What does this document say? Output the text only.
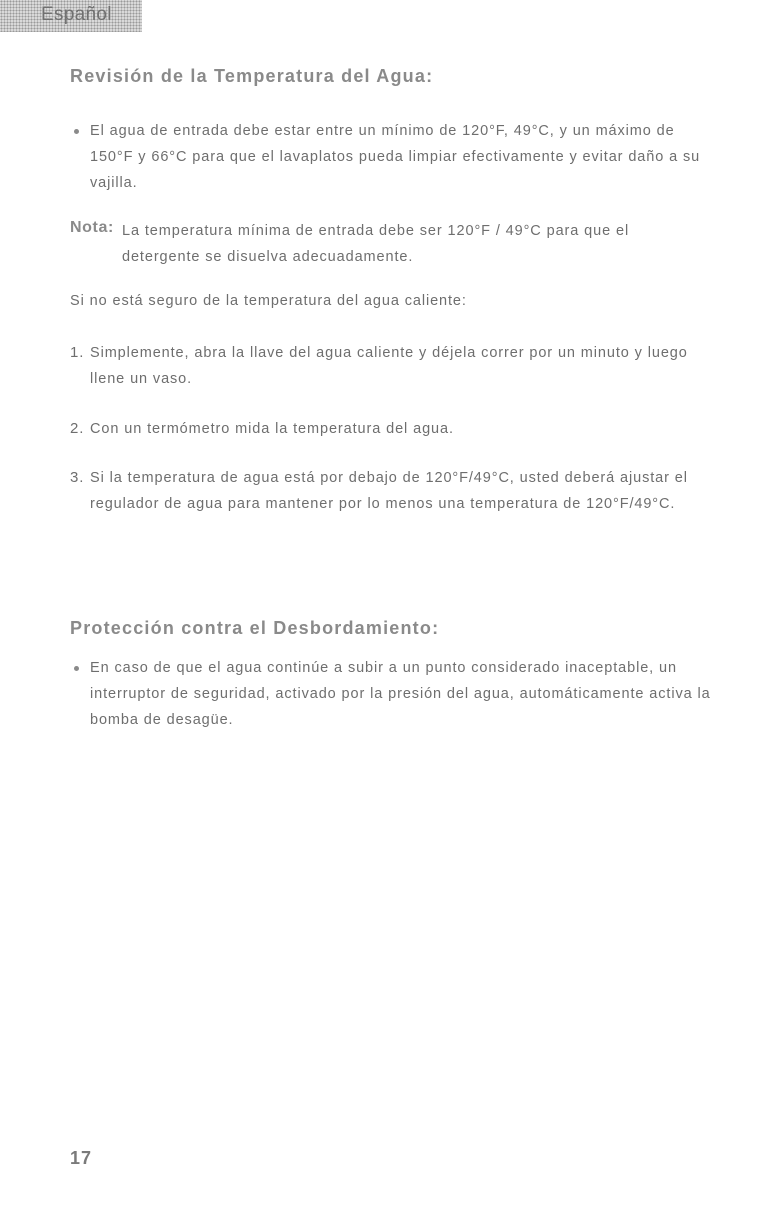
Español
Revisión de la Temperatura del Agua:

El agua de entrada debe estar entre un mínimo de 120°F, 49°C, y un máximo de 150°F y 66°C para que el lavaplatos pueda limpiar efectivamente y evitar daño a su vajilla.

Nota: La temperatura mínima de entrada debe ser 120°F / 49°C para que el detergente se disuelva adecuadamente.

Si no está seguro de la temperatura del agua caliente:

1. Simplemente, abra la llave del agua caliente y déjela correr por un minuto y luego llene un vaso.

2. Con un termómetro mida la temperatura del agua.

3. Si la temperatura de agua está por debajo de 120°F/49°C, usted deberá ajustar el regulador de agua para mantener por lo menos una temperatura de 120°F/49°C.

Protección contra el Desbordamiento:

En caso de que el agua continúe a subir a un punto considerado inaceptable, un interruptor de seguridad, activado por la presión del agua, automáticamente activa la bomba de desagüe.

17
